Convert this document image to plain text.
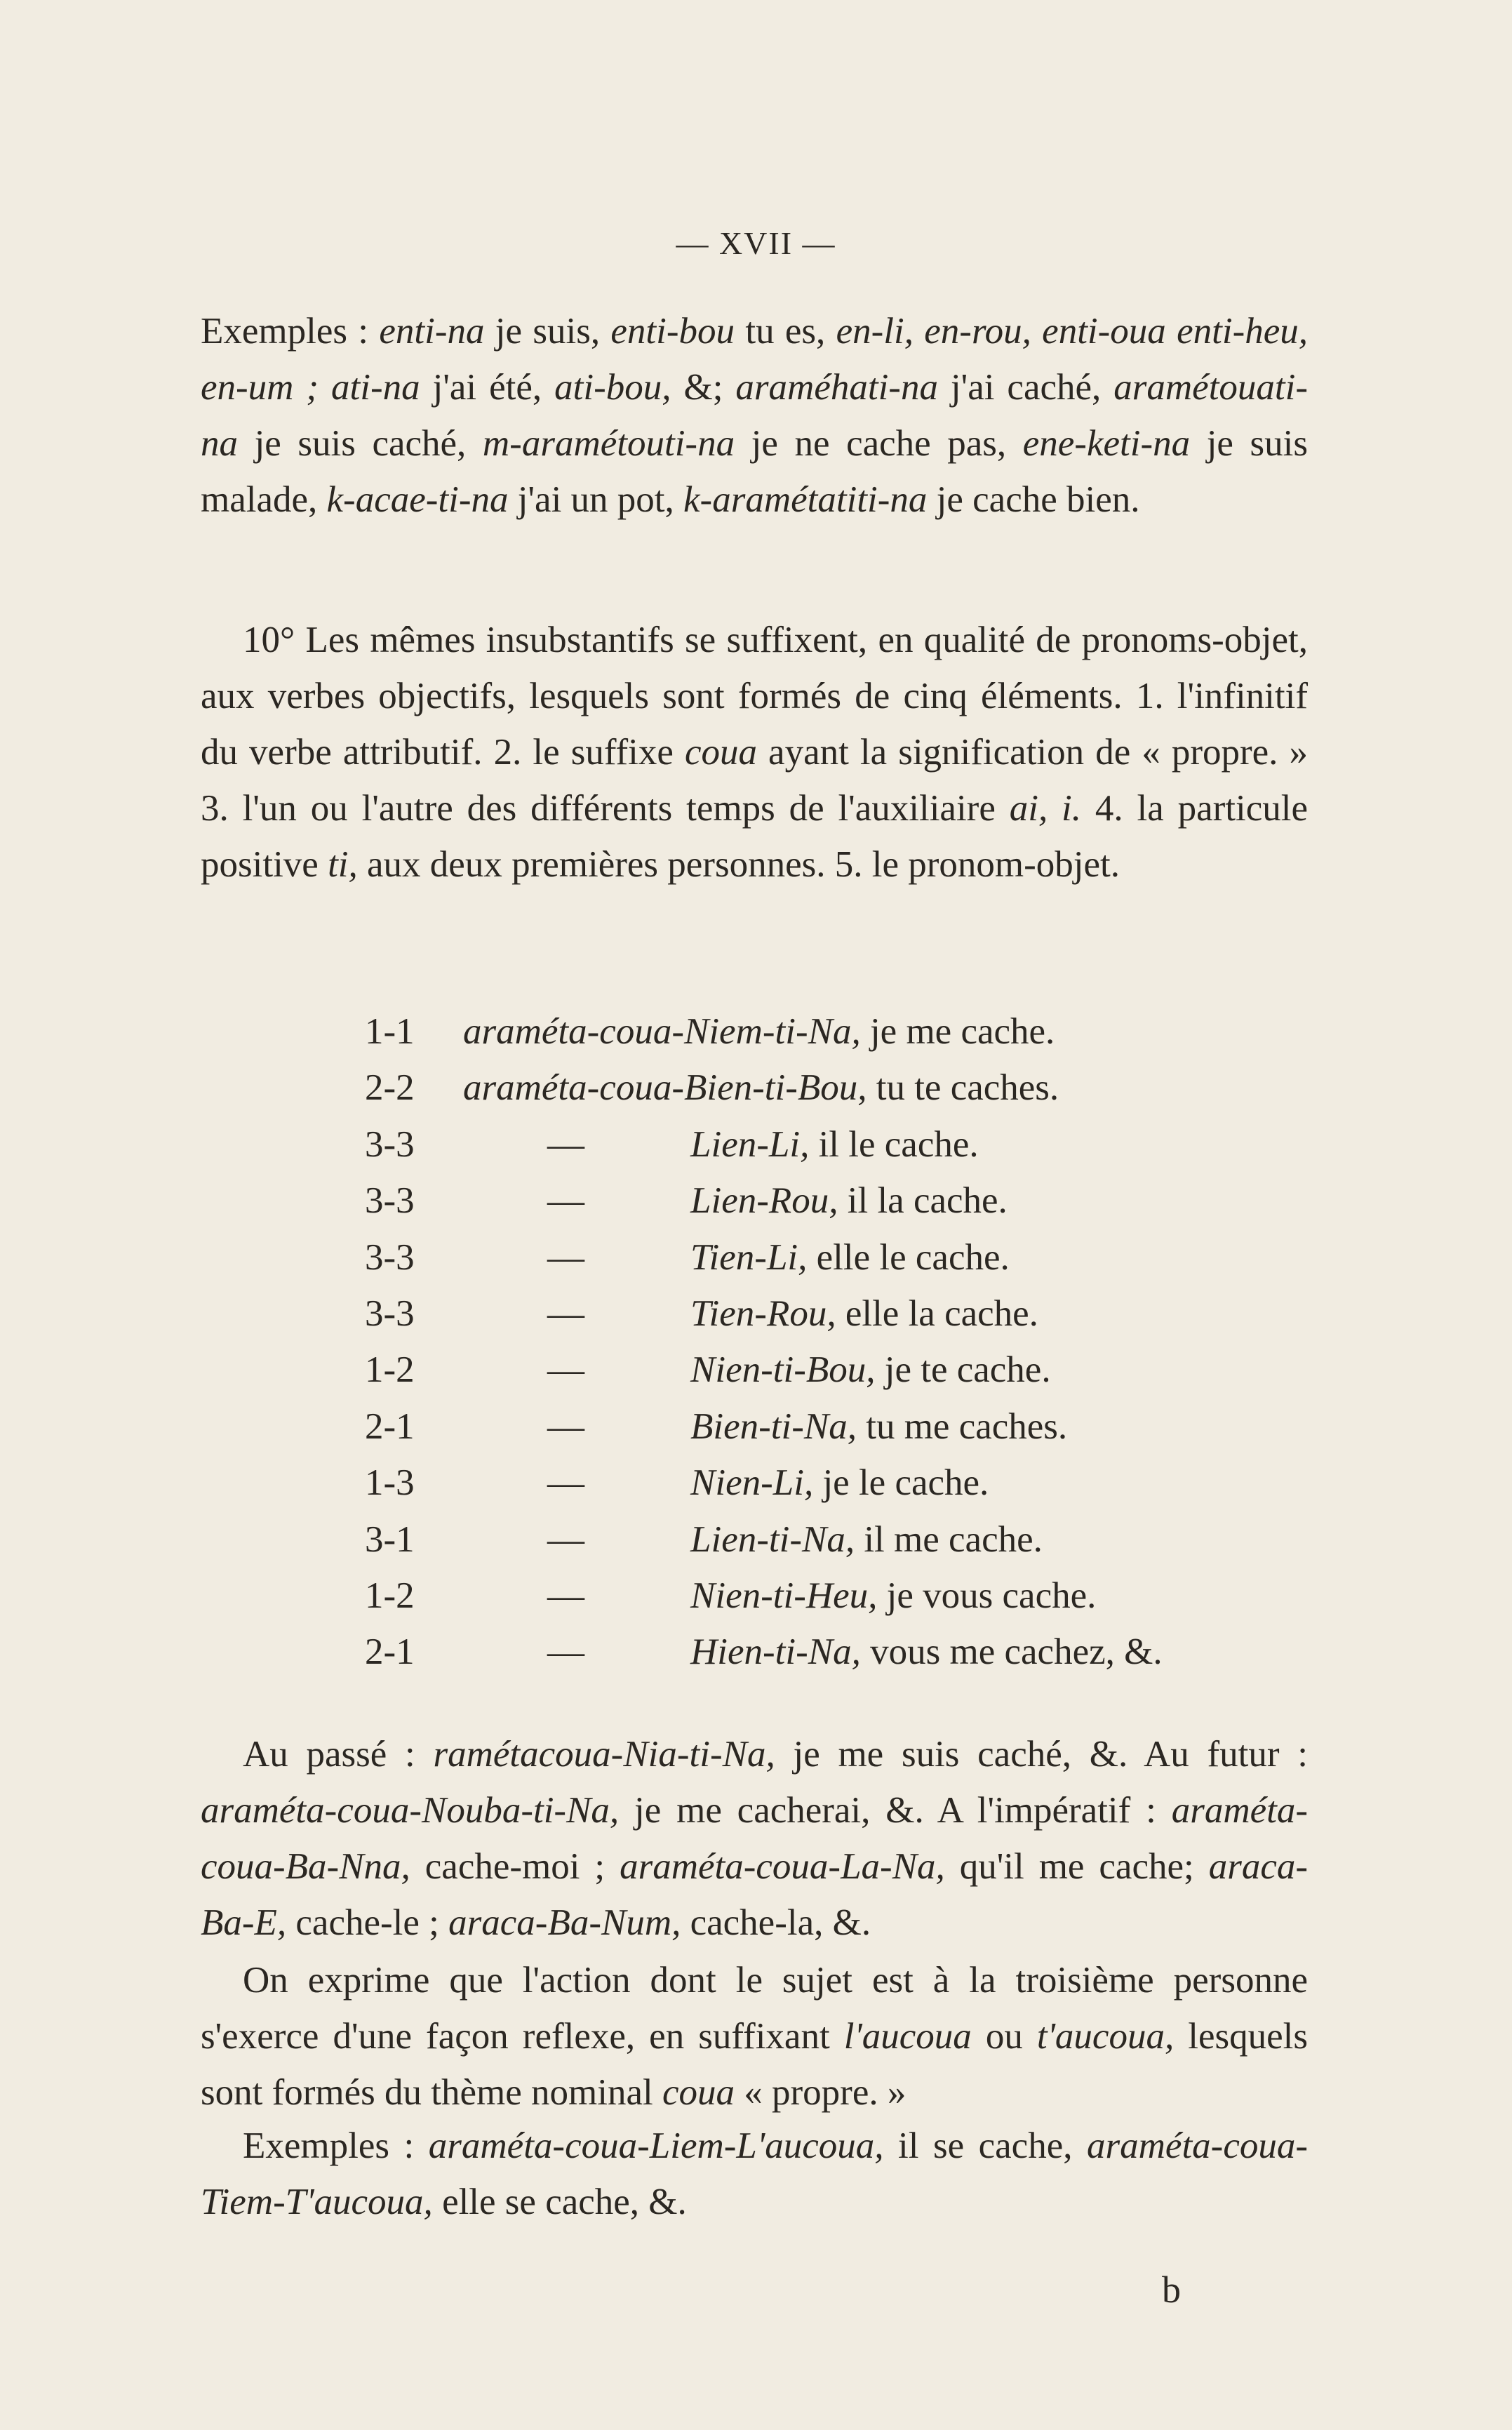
— XVII —

Exemples : enti-na je suis, enti-bou tu es, en-li, en-rou, enti-oua enti-heu, en-um ; ati-na j'ai été, ati-bou, &; araméhati-na j'ai caché, aramétouati-na je suis caché, m-aramétouti-na je ne cache pas, ene-keti-na je suis malade, k-acae-ti-na j'ai un pot, k-aramétatiti-na je cache bien.

10° Les mêmes insubstantifs se suffixent, en qualité de pronoms-objet, aux verbes objectifs, lesquels sont formés de cinq éléments. 1. l'infinitif du verbe attributif. 2. le suffixe coua ayant la signification de « propre. » 3. l'un ou l'autre des différents temps de l'auxiliaire ai, i. 4. la particule positive ti, aux deux premières personnes. 5. le pronom-objet.

1-1 araméta-coua-Niem-ti-Na, je me cache.
2-2 araméta-coua-Bien-ti-Bou, tu te caches.
3-3	—	Lien-Li, il le cache.
3-3	—	Lien-Rou, il la cache.
3-3	—	Tien-Li, elle le cache.
3-3	—	Tien-Rou, elle la cache.
1-2	—	Nien-ti-Bou, je te cache.
2-1	—	Bien-ti-Na, tu me caches.
1-3	—	Nien-Li, je le cache.
3-1	—	Lien-ti-Na, il me cache.
1-2	—	Nien-ti-Heu, je vous cache.
2-1	—	Hien-ti-Na, vous me cachez, &.

Au passé : ramétacoua-Nia-ti-Na, je me suis caché, &. Au futur : araméta-coua-Nouba-ti-Na, je me cacherai, &. A l'impératif : araméta-coua-Ba-Nna, cache-moi ; araméta-coua-La-Na, qu'il me cache; araca-Ba-E, cache-le ; araca-Ba-Num, cache-la, &.

On exprime que l'action dont le sujet est à la troisième personne s'exerce d'une façon reflexe, en suffixant l'aucoua ou t'aucoua, lesquels sont formés du thème nominal coua « propre. »

Exemples : araméta-coua-Liem-L'aucoua, il se cache, araméta-coua-Tiem-T'aucoua, elle se cache, &.

b
